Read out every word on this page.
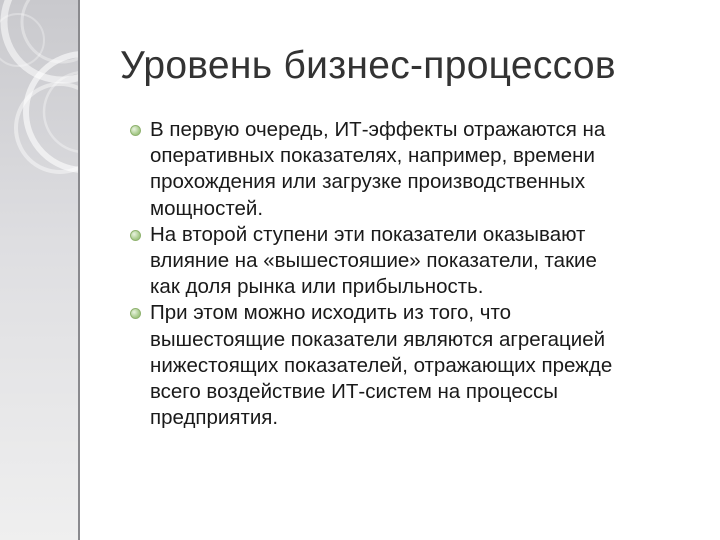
Уровень бизнес-процессов
В первую очередь, ИТ-эффекты отражаются на
оперативных показателях, например, времени
прохождения или загрузке производственных
мощностей.
На второй ступени эти показатели оказывают
влияние на «вышестояшие» показатели, такие
как доля рынка или прибыльность.
При этом можно исходить из того, что
вышестоящие показатели являются агрегацией
нижестоящих показателей, отражающих прежде
всего воздействие ИТ-систем на процессы
предприятия.
